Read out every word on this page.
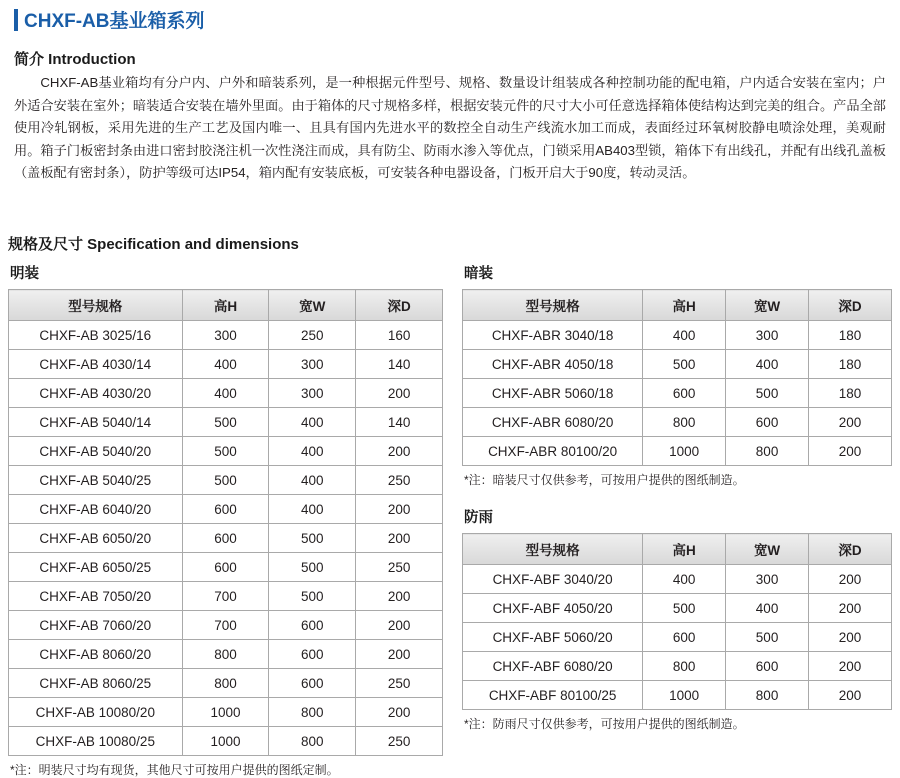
CHXF-AB基业箱系列
简介 Introduction
CHXF-AB基业箱均有分户内、户外和暗装系列，是一种根据元件型号、规格、数量设计组装成各种控制功能的配电箱，户内适合安装在室内；户外适合安装在室外；暗装适合安装在墙外里面。由于箱体的尺寸规格多样，根据安装元件的尺寸大小可任意选择箱体使结构达到完美的组合。产品全部使用冷轧钢板，采用先进的生产工艺及国内唯一、且具有国内先进水平的数控全自动生产线流水加工而成，表面经过环氧树胶静电喷涂处理，美观耐用。箱子门板密封条由进口密封胶浇注机一次性浇注而成，具有防尘、防雨水渗入等优点，门锁采用AB403型锁，箱体下有出线孔，并配有出线孔盖板（盖板配有密封条），防护等级可达IP54，箱内配有安装底板，可安装各种电器设备，门板开启大于90度，转动灵活。
规格及尺寸 Specification and dimensions
明装
型号规格	高H	宽W	深D
CHXF-AB 3025/16	300	250	160
CHXF-AB 4030/14	400	300	140
CHXF-AB 4030/20	400	300	200
CHXF-AB 5040/14	500	400	140
CHXF-AB 5040/20	500	400	200
CHXF-AB 5040/25	500	400	250
CHXF-AB 6040/20	600	400	200
CHXF-AB 6050/20	600	500	200
CHXF-AB 6050/25	600	500	250
CHXF-AB 7050/20	700	500	200
CHXF-AB 7060/20	700	600	200
CHXF-AB 8060/20	800	600	200
CHXF-AB 8060/25	800	600	250
CHXF-AB 10080/20	1000	800	200
CHXF-AB 10080/25	1000	800	250
*注：明装尺寸均有现货，其他尺寸可按用户提供的图纸定制。
暗装
型号规格	高H	宽W	深D
CHXF-ABR 3040/18	400	300	180
CHXF-ABR 4050/18	500	400	180
CHXF-ABR 5060/18	600	500	180
CHXF-ABR 6080/20	800	600	200
CHXF-ABR 80100/20	1000	800	200
*注：暗装尺寸仅供参考，可按用户提供的图纸制造。
防雨
型号规格	高H	宽W	深D
CHXF-ABF 3040/20	400	300	200
CHXF-ABF 4050/20	500	400	200
CHXF-ABF 5060/20	600	500	200
CHXF-ABF 6080/20	800	600	200
CHXF-ABF 80100/25	1000	800	200
*注：防雨尺寸仅供参考，可按用户提供的图纸制造。
